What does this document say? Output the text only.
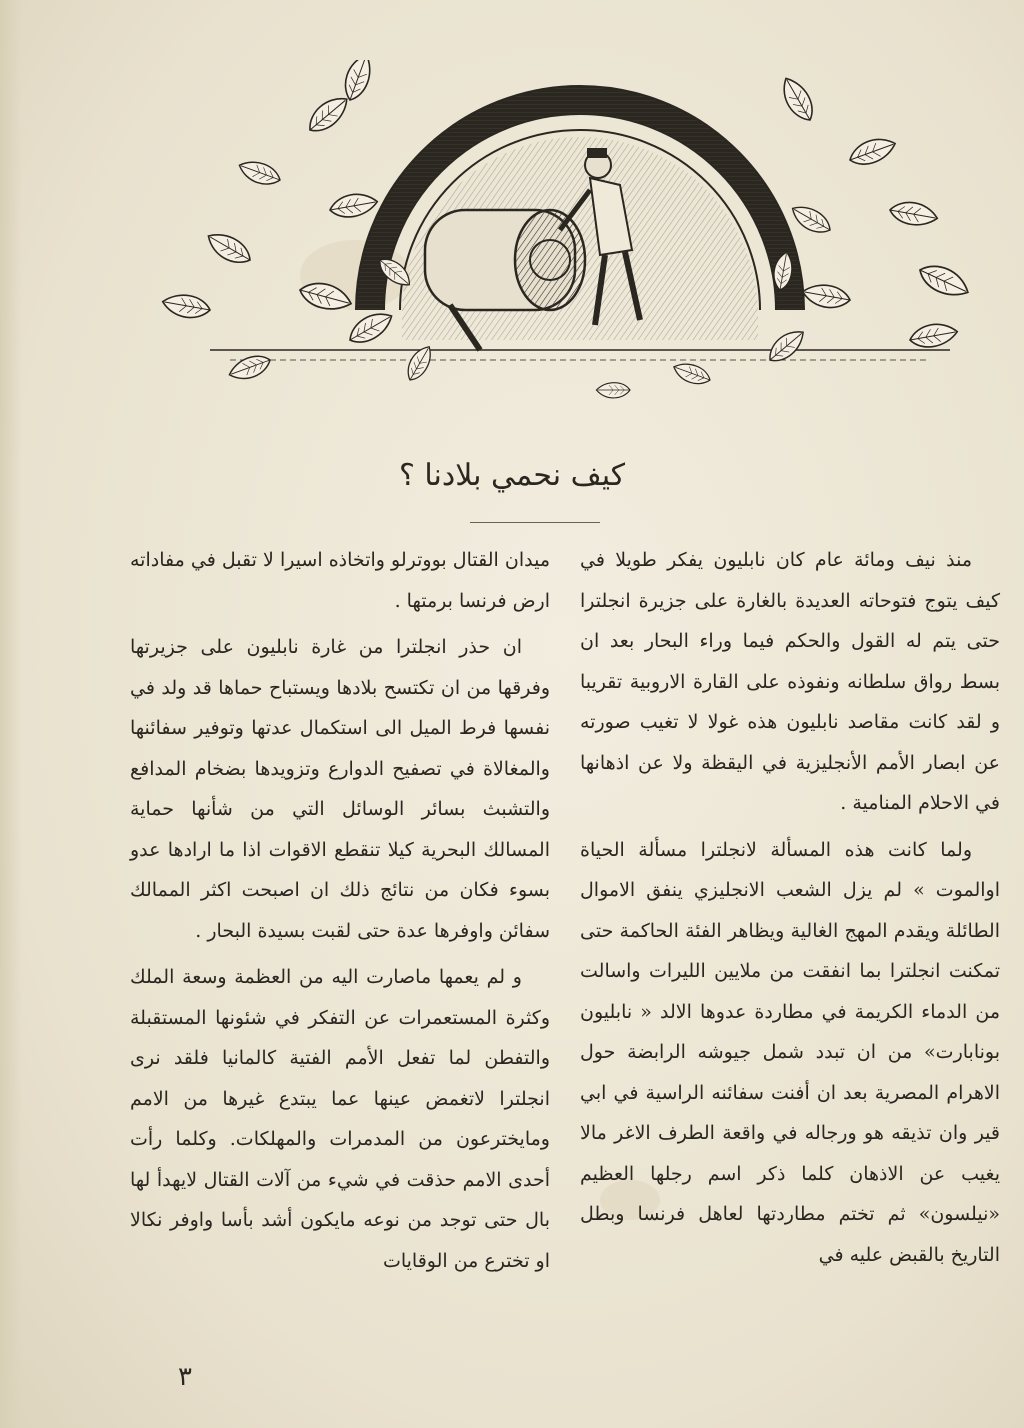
كيف نحمي بلادنا ؟

منذ نيف ومائة عام كان نابليون يفكر طويلا في كيف يتوج فتوحاته العديدة بالغارة على جزيرة انجلترا حتى يتم له القول والحكم فيما وراء البحار بعد ان بسط رواق سلطانه ونفوذه على القارة الاروبية تقريبا و لقد كانت مقاصد نابليون هذه غولا لا تغيب صورته عن ابصار الأمم الأنجليزية في اليقظة ولا عن اذهانها في الاحلام المنامية .

ولما كانت هذه المسألة لانجلترا مسألة الحياة اوالموت » لم يزل الشعب الانجليزي ينفق الاموال الطائلة ويقدم المهج الغالية ويظاهر الفئة الحاكمة حتى تمكنت انجلترا بما انفقت من ملايين الليرات واسالت من الدماء الكريمة في مطاردة عدوها الالد « نابليون بونابارت» من ان تبدد شمل جيوشه الرابضة حول الاهرام المصرية بعد ان أفنت سفائنه الراسية في ابي قير وان تذيقه هو ورجاله في واقعة الطرف الاغر مالا يغيب عن الاذهان كلما ذكر اسم رجلها العظيم «نيلسون» ثم تختم مطاردتها لعاهل فرنسا وبطل التاريخ بالقبض عليه في

ميدان القتال بووترلو واتخاذه اسيرا لا تقبل في مفاداته ارض فرنسا برمتها .

ان حذر انجلترا من غارة نابليون على جزيرتها وفرقها من ان تكتسح بلادها ويستباح حماها قد ولد في نفسها فرط الميل الى استكمال عدتها وتوفير سفائنها والمغالاة في تصفيح الدوارع وتزويدها بضخام المدافع والتشبث بسائر الوسائل التي من شأنها حماية المسالك البحرية كيلا تنقطع الاقوات اذا ما ارادها عدو بسوء فكان من نتائج ذلك ان اصبحت اكثر الممالك سفائن واوفرها عدة حتى لقبت بسيدة البحار .

و لم يعمها ماصارت اليه من العظمة وسعة الملك وكثرة المستعمرات عن التفكر في شئونها المستقبلة والتفطن لما تفعل الأمم الفتية كالمانيا فلقد نرى انجلترا لاتغمض عينها عما يبتدع غيرها من الامم ومايخترعون من المدمرات والمهلكات. وكلما رأت أحدى الامم حذقت في شيء من آلات القتال لايهدأ لها بال حتى توجد من نوعه مايكون أشد بأسا واوفر نكالا او تخترع من الوقايات

٣
